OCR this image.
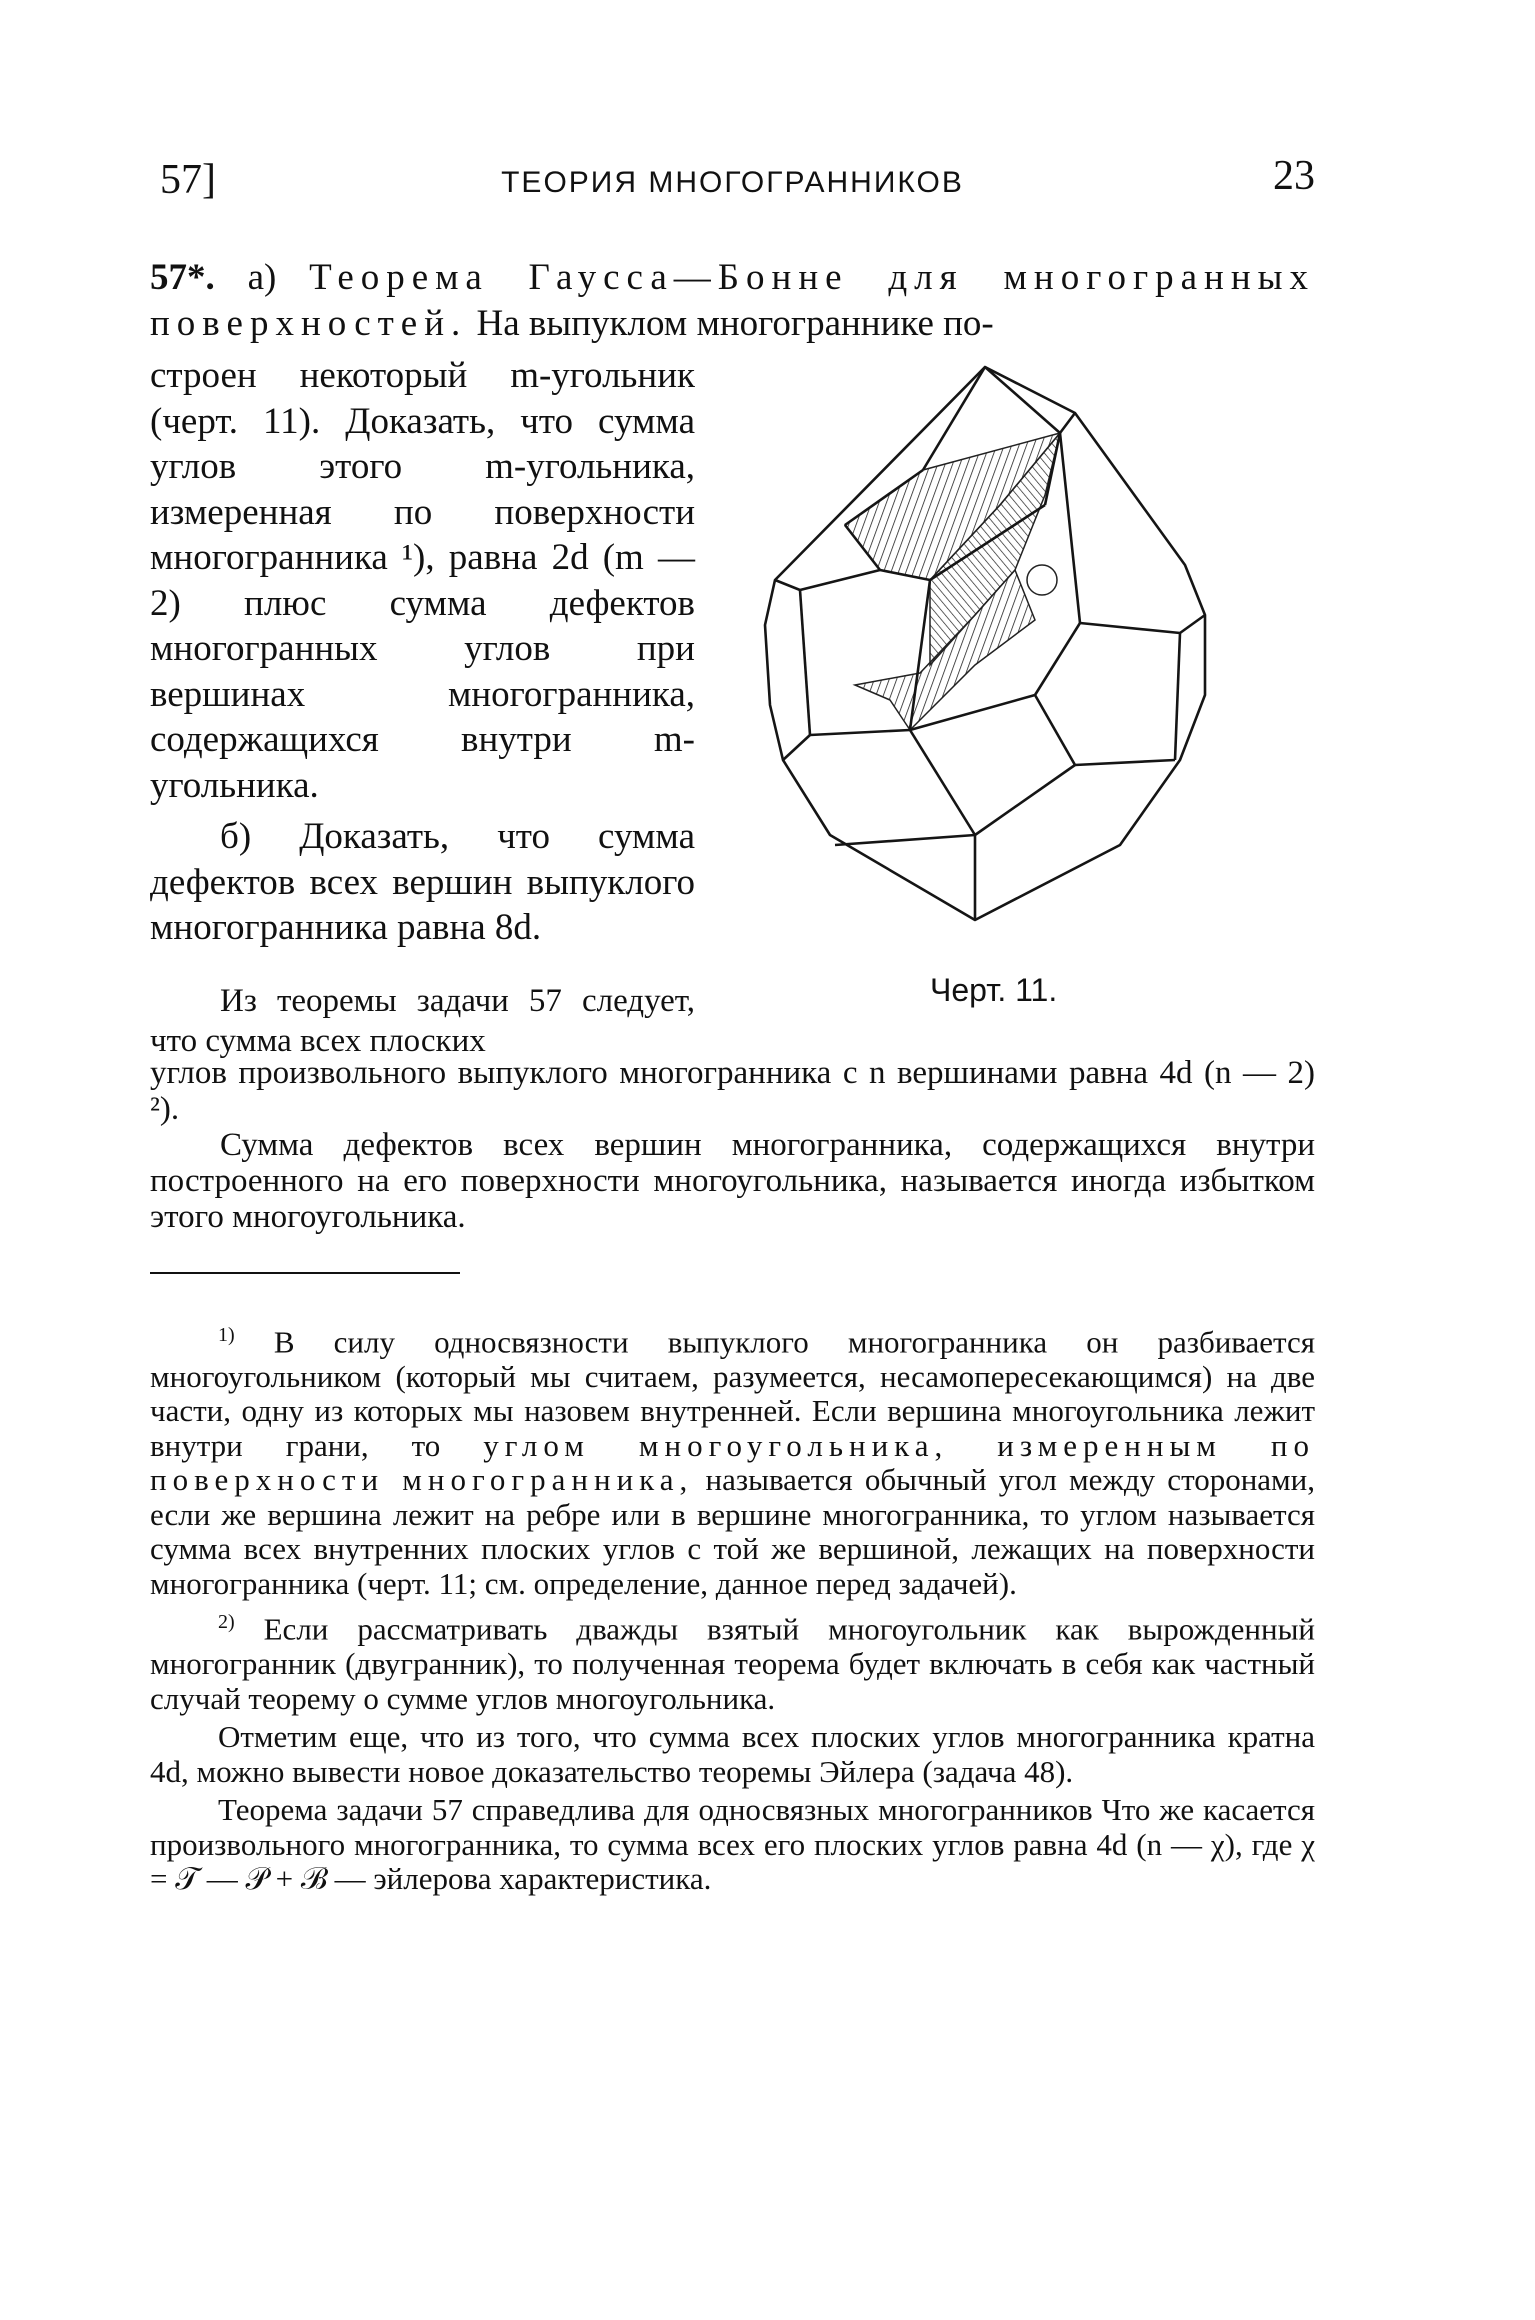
57]	ТЕОРИЯ МНОГОГРАННИКОВ	23
57*. а) Теорема Гаусса—Бонне для многогранных поверхностей. На выпуклом многограннике по-

строен некоторый m-угольник (черт. 11). Доказать, что сумма углов этого m-угольника, измеренная по поверхности многогранника ¹), равна 2d (m — 2) плюс сумма дефектов многогранных углов при вершинах многогранника, содержащихся внутри m-угольника.

б) Доказать, что сумма дефектов всех вершин выпуклого многогранника равна 8d.

Из теоремы задачи 57 следует, что сумма всех плоских

Черт. 11.

углов произвольного выпуклого многогранника с n вершинами равна 4d (n — 2) ²).

Сумма дефектов всех вершин многогранника, содержащихся внутри построенного на его поверхности многоугольника, называется иногда избытком этого многоугольника.

$^{1)}$ В силу односвязности выпуклого многогранника он разбивается многоугольником (который мы считаем, разумеется, несамопересекающимся) на две части, одну из которых мы назовем внутренней. Если вершина многоугольника лежит внутри грани, то углом многоугольника, измеренным по поверхности многогранника, называется обычный угол между сторонами, если же вершина лежит на ребре или в вершине многогранника, то углом называется сумма всех внутренних плоских углов с той же вершиной, лежащих на поверхности многогранника (черт. 11; см. определение, данное перед задачей).

$^{2)}$ Если рассматривать дважды взятый многоугольник как вырожденный многогранник (двугранник), то полученная теорема будет включать в себя как частный случай теорему о сумме углов многоугольника.

Отметим еще, что из того, что сумма всех плоских углов многогранника кратна 4d, можно вывести новое доказательство теоремы Эйлера (задача 48).

Теорема задачи 57 справедлива для односвязных многогранников Что же касается произвольного многогранника, то сумма всех его плоских углов равна 4d (n — χ), где χ = 𝒯 — 𝒫 + ℬ — эйлерова характеристика.
